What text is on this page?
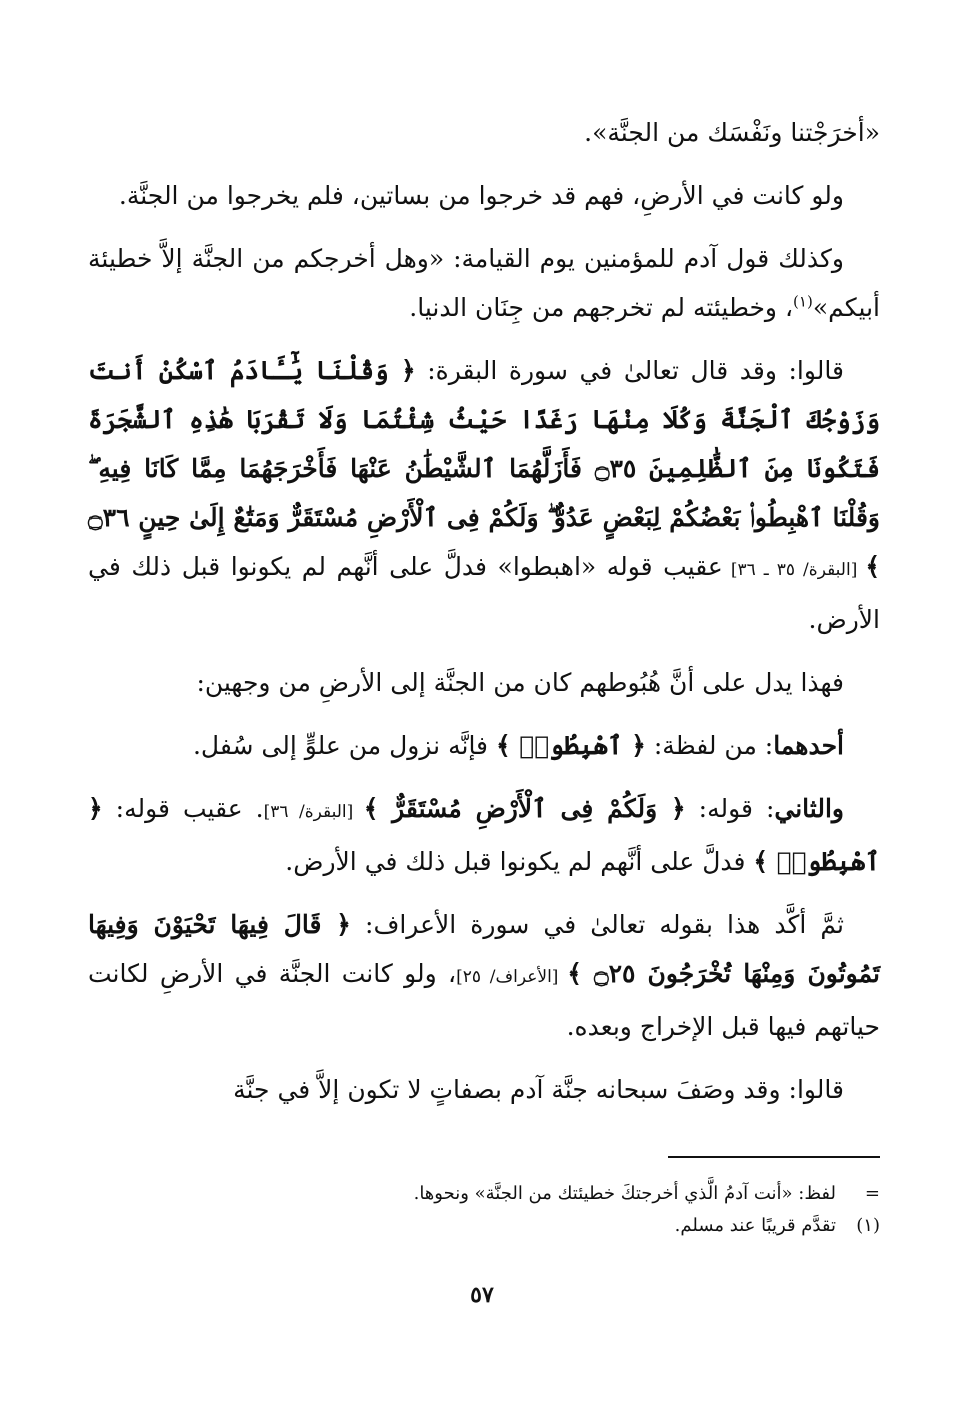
«أخرَجْتنا ونَفْسَك من الجنَّة».

ولو كانت في الأرضِ، فهم قد خرجوا من بساتين، فلم يخرجوا من الجنَّة.

وكذلك قول آدم للمؤمنين يوم القيامة: «وهل أخرجكم من الجنَّة إلاَّ خطيئة أبيكم»$^{(١)}$، وخطيئته لم تخرجهم من جِنَان الدنيا.

قالوا: وقد قال تعالىٰ في سورة البقرة: ﴿ وَقُلْنَا يَٰٓـَٔادَمُ ٱسْكُنْ أَنتَ وَزَوْجُكَ ٱلْجَنَّةَ وَكُلَا مِنْهَا رَغَدًا حَيْثُ شِئْتُمَا وَلَا تَقْرَبَا هَٰذِهِ ٱلشَّجَرَةَ فَتَكُونَا مِنَ ٱلظَّٰلِمِينَ ۝٣٥ فَأَزَلَّهُمَا ٱلشَّيْطَٰنُ عَنْهَا فَأَخْرَجَهُمَا مِمَّا كَانَا فِيهِ ۖ وَقُلْنَا ٱهْبِطُوا۟ بَعْضُكُمْ لِبَعْضٍ عَدُوٌّ ۖ وَلَكُمْ فِى ٱلْأَرْضِ مُسْتَقَرٌّ وَمَتَٰعٌ إِلَىٰ حِينٍ ۝٣٦ ﴾ [البقرة/ ٣٥ ـ ٣٦] عقيب قوله «اهبطوا» فدلَّ على أنَّهم لم يكونوا قبل ذلك في الأرض.

فهذا يدل على أنَّ هُبُوطهم كان من الجنَّة إلى الأرضِ من وجهين:

أحدهما: من لفظة: ﴿ ٱهْبِطُوا۟ ﴾ فإنَّه نزول من علوٍّ إلى سُفل.

والثاني: قوله: ﴿ وَلَكُمْ فِى ٱلْأَرْضِ مُسْتَقَرٌّ ﴾ [البقرة/ ٣٦]. عقيب قوله: ﴿ ٱهْبِطُوا۟ ﴾ فدلَّ على أنَّهم لم يكونوا قبل ذلك في الأرض.

ثمَّ أكَّد هذا بقوله تعالىٰ في سورة الأعراف: ﴿ قَالَ فِيهَا تَحْيَوْنَ وَفِيهَا تَمُوتُونَ وَمِنْهَا تُخْرَجُونَ ۝٢٥ ﴾ [الأعراف/ ٢٥]، ولو كانت الجنَّة في الأرضِ لكانت حياتهم فيها قبل الإخراج وبعده.

قالوا: وقد وصَفَ سبحانه جنَّة آدم بصفاتٍ لا تكون إلاَّ في جنَّة

=
لفظ: «أنت آدمُ الَّذي أخرجتكَ خطيئتك من الجنَّة» ونحوها.
(١)
تقدَّم قريبًا عند مسلم.
٥٧
